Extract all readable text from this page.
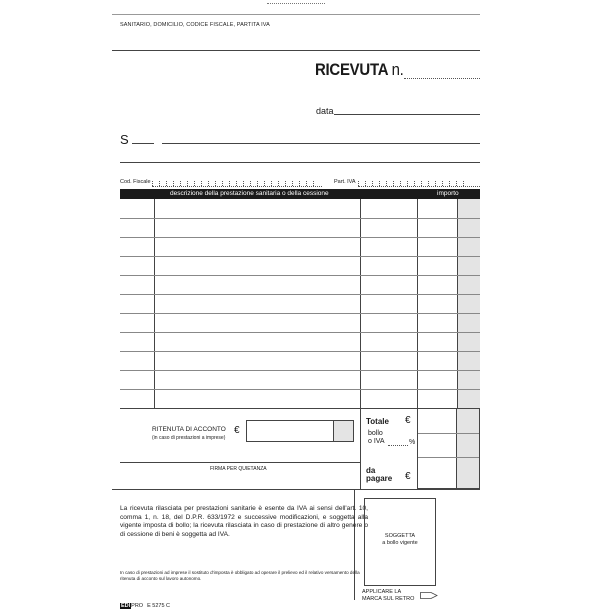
SANITARIO, DOMICILIO, CODICE FISCALE, PARTITA IVA
RICEVUTA n.
data
S
Cod. Fiscale	Part. IVA
descrizione della prestazione sanitaria o della cessione	importo
RITENUTA DI ACCONTO
(in caso di prestazioni a imprese)
€
FIRMA PER QUIETANZA
Totale €
bollo
o IVA	%
da
pagare €
La ricevuta rilasciata per prestazioni sanitarie è esente da IVA ai sensi dell'art. 10, comma 1, n. 18, del D.P.R. 633/1972 e successive modificazioni, e soggetta alla vigente imposta di bollo; la ricevuta rilasciata in caso di prestazione di altro genere o di cessione di beni è soggetta ad IVA.
In caso di prestazioni ad imprese il sostituto d'imposta è obbligato ad operare il prelievo ed il relativo versamento della ritenuta di acconto sul lavoro autonomo.
SOGGETTA
a bollo vigente
APPLICARE LA
MARCA SUL RETRO
EDIPRO E 5275 C
